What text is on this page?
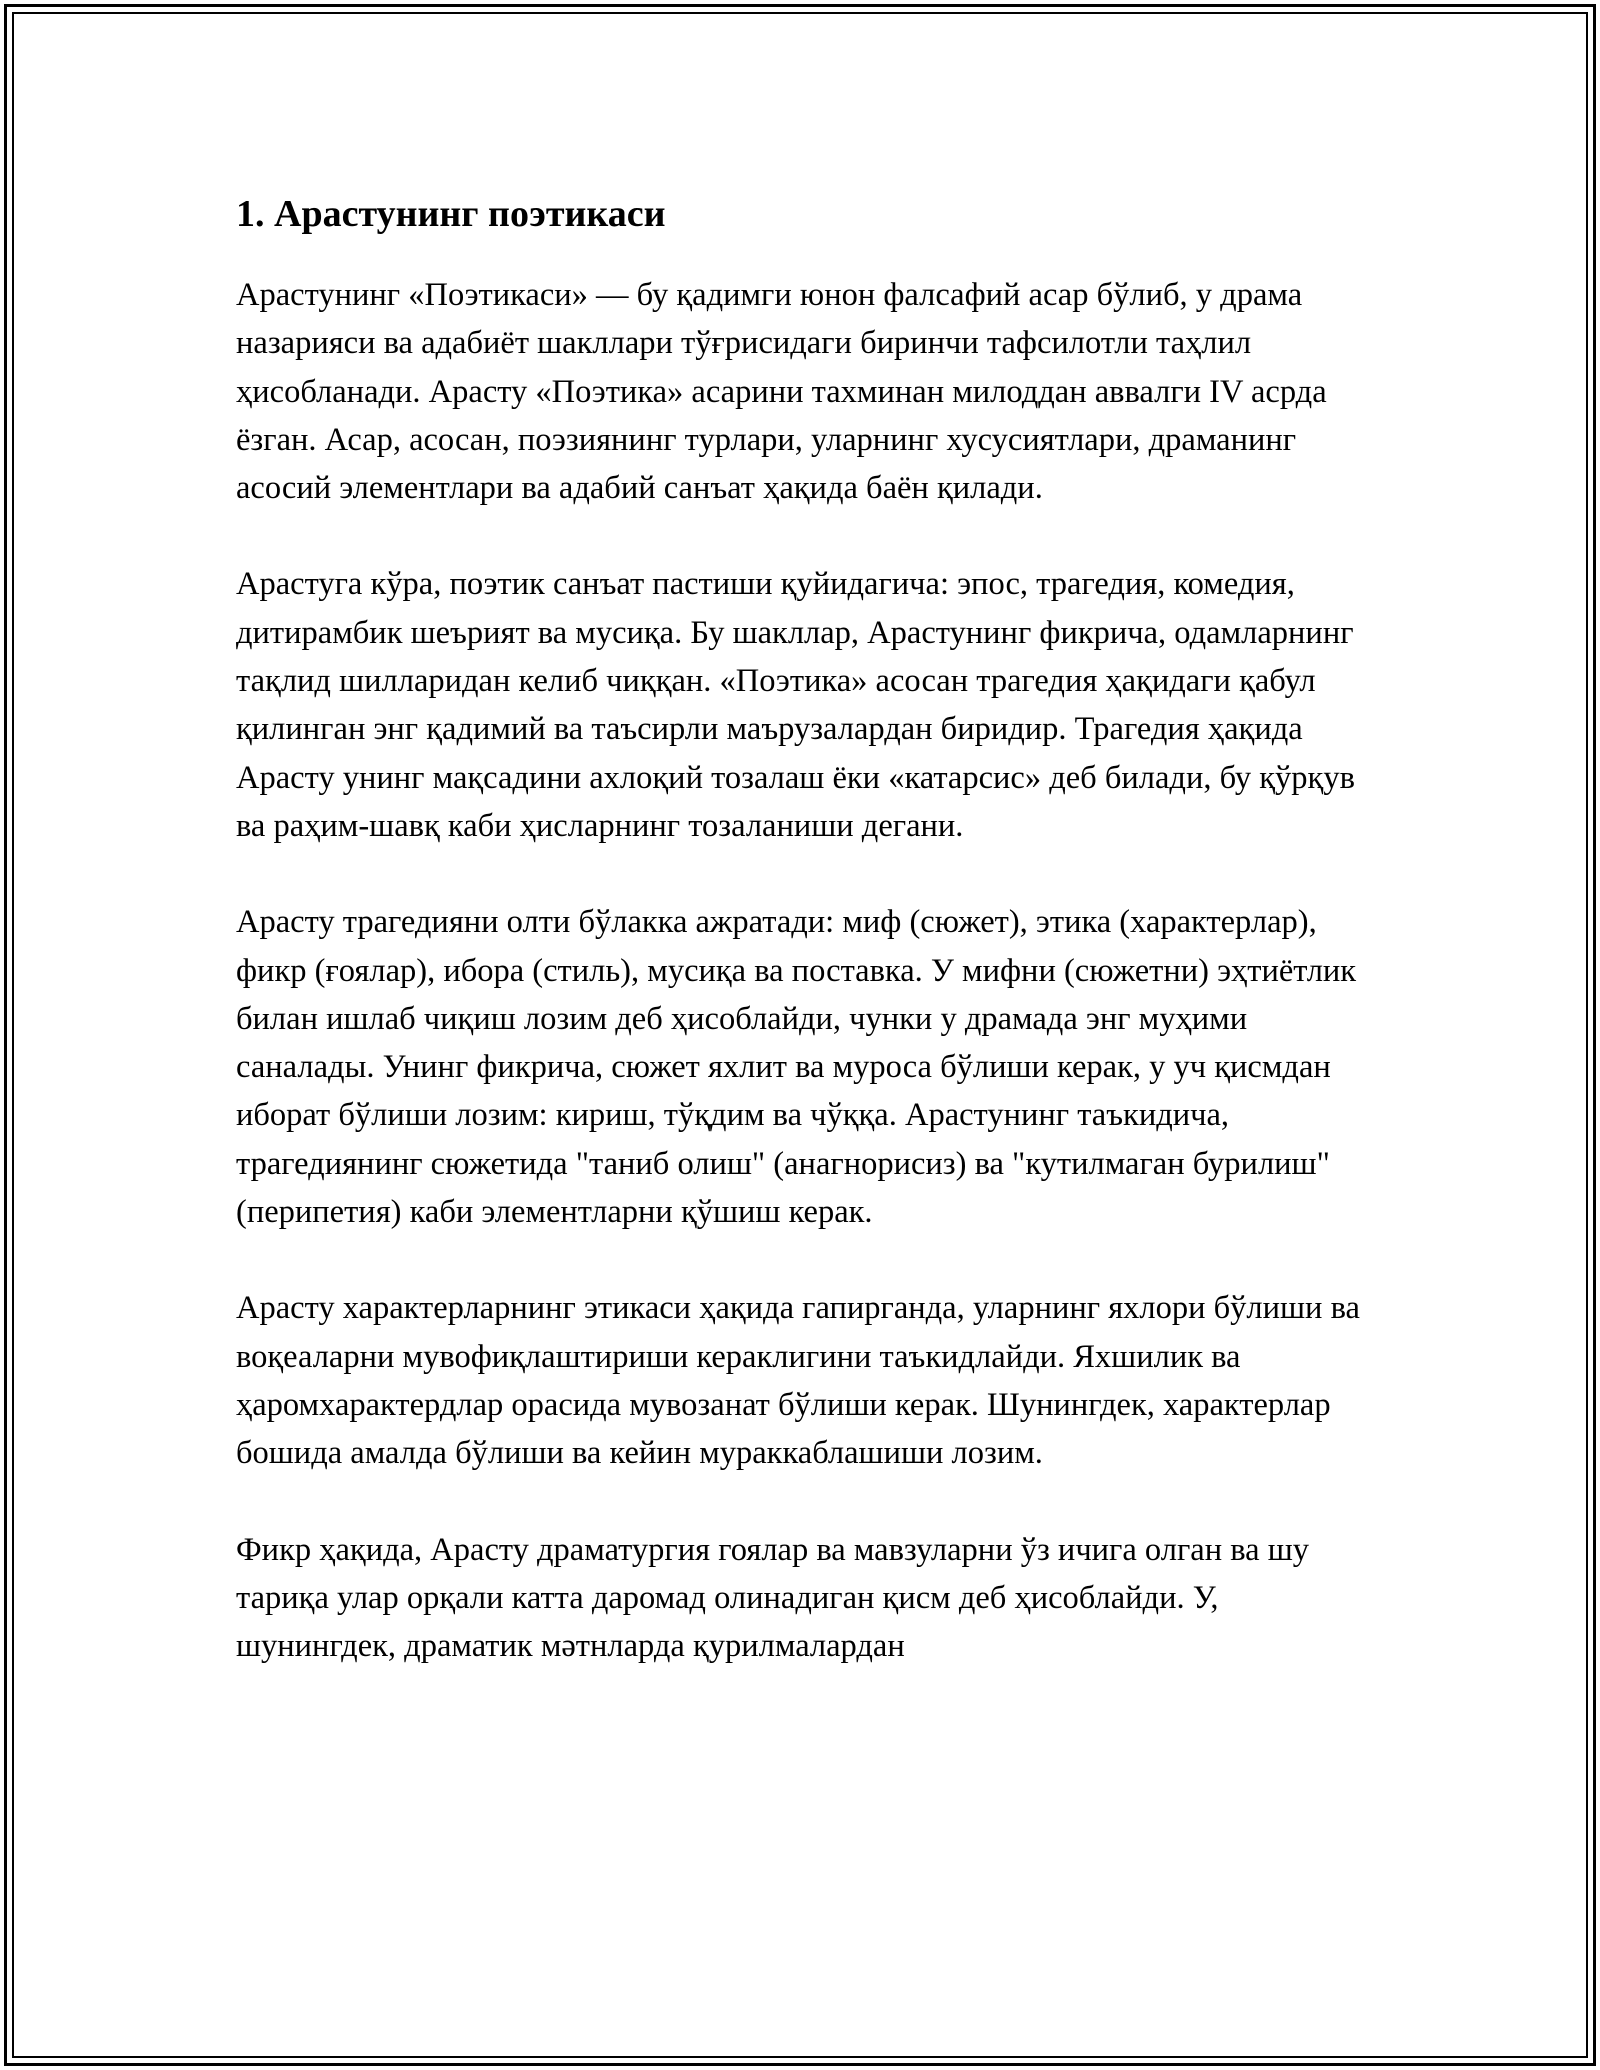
1. Арастунинг поэтикаси

Арастунинг «Поэтикаси» — бу қадимги юнон фалсафий асар бўлиб, у драма назарияси ва адабиёт шакллари тўғрисидаги биринчи тафсилотли таҳлил ҳисобланади. Арасту «Поэтика» асарини тахминан милоддан аввалги IV асрда ёзган. Асар, асосан, поэзиянинг турлари, уларнинг хусусиятлари, драманинг асосий элементлари ва адабий санъат ҳақида баён қилади.

Арастуга кўра, поэтик санъат пастиши қуйидагича: эпос, трагедия, комедия, дитирамбик шеърият ва мусиқа. Бу шакллар, Арастунинг фикрича, одамларнинг тақлид шилларидан келиб чиққан. «Поэтика» асосан трагедия ҳақидаги қабул қилинган энг қадимий ва таъсирли маърузалардан биридир. Трагедия ҳақида Арасту унинг мақсадини ахлоқий тозалаш ёки «катарсис» деб билади, бу қўрқув ва раҳим-шавқ каби ҳисларнинг тозаланиши дегани.

Арасту трагедияни олти бўлакка ажратади: миф (сюжет), этика (характерлар), фикр (ғоялар), ибора (стиль), мусиқа ва поставка. У мифни (сюжетни) эҳтиётлик билан ишлаб чиқиш лозим деб ҳисоблайди, чунки у драмада энг муҳими саналады. Унинг фикрича, сюжет яхлит ва муроса бўлиши керак, у уч қисмдан иборат бўлиши лозим: кириш, тўқдим ва чўққа. Арастунинг таъкидича, трагедиянинг сюжетида "таниб олиш" (анагнорисиз) ва "кутилмаган бурилиш" (перипетия) каби элементларни қўшиш керак.

Арасту характерларнинг этикаси ҳақида гапирганда, уларнинг яхлори бўлиши ва воқеаларни мувофиқлаштириши кераклигини таъкидлайди. Яхшилик ва ҳаромхарактердлар орасида мувозанат бўлиши керак. Шунингдек, характерлар бошида амалда бўлиши ва кейин мураккаблашиши лозим.

Фикр ҳақида, Арасту драматургия гоялар ва мавзуларни ўз ичига олган ва шу тариқа улар орқали катта даромад олинадиган қисм деб ҳисоблайди. У, шунингдек, драматик мәтнларда қурилмалардан
